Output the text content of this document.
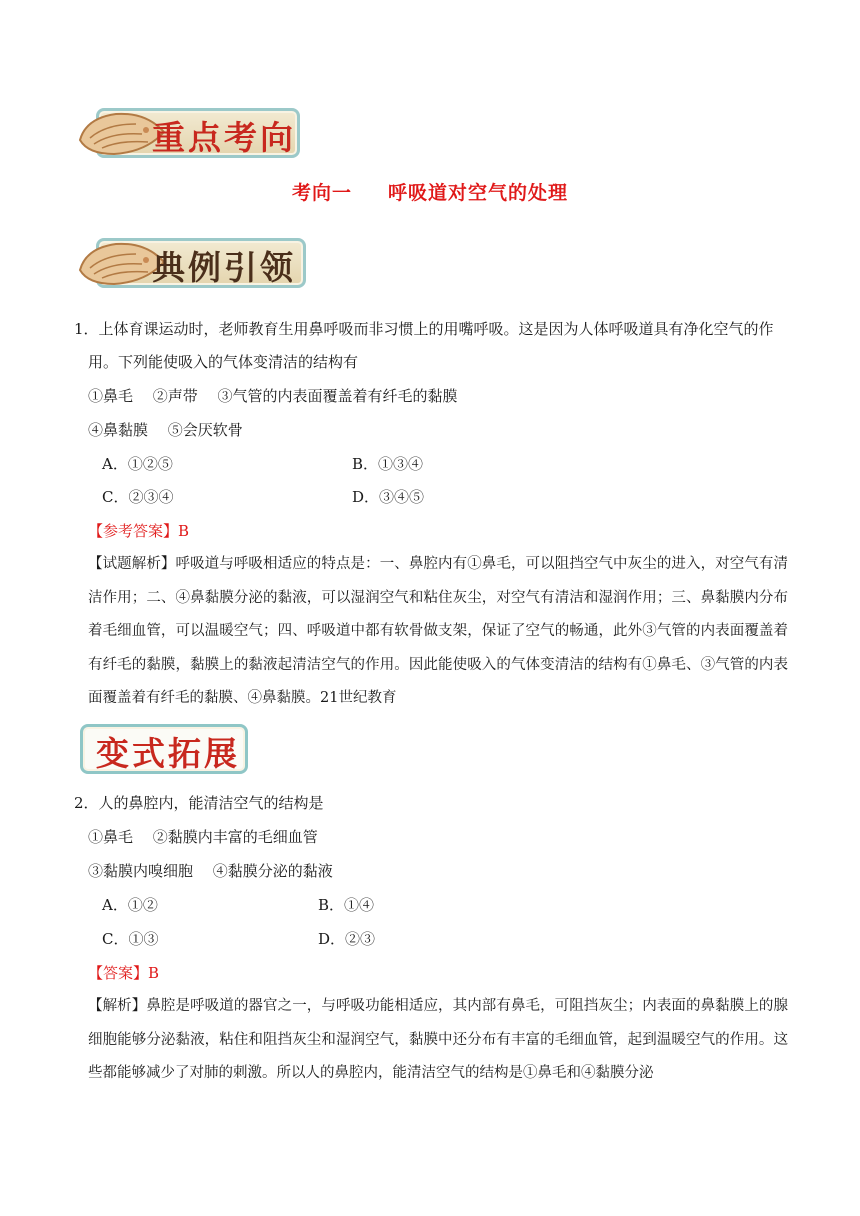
重点考向
考向一 呼吸道对空气的处理
典例引领
1．上体育课运动时，老师教育生用鼻呼吸而非习惯上的用嘴呼吸。这是因为人体呼吸道具有净化空气的作
用。下列能使吸入的气体变清洁的结构有
①鼻毛　 ②声带　 ③气管的内表面覆盖着有纤毛的黏膜
④鼻黏膜　 ⑤会厌软骨
A．①②⑤	B．①③④
C．②③④	D．③④⑤
【参考答案】B
【试题解析】呼吸道与呼吸相适应的特点是：一、鼻腔内有①鼻毛，可以阻挡空气中灰尘的进入，对空气有清洁作用；二、④鼻黏膜分泌的黏液，可以湿润空气和粘住灰尘，对空气有清洁和湿润作用；三、鼻黏膜内分布着毛细血管，可以温暖空气；四、呼吸道中都有软骨做支架，保证了空气的畅通，此外③气管的内表面覆盖着有纤毛的黏膜，黏膜上的黏液起清洁空气的作用。因此能使吸入的气体变清洁的结构有①鼻毛、③气管的内表面覆盖着有纤毛的黏膜、④鼻黏膜。21世纪教育
变式拓展
2．人的鼻腔内，能清洁空气的结构是
①鼻毛　 ②黏膜内丰富的毛细血管
③黏膜内嗅细胞　 ④黏膜分泌的黏液
A．①②	B．①④
C．①③	D．②③
【答案】B
【解析】鼻腔是呼吸道的器官之一，与呼吸功能相适应，其内部有鼻毛，可阻挡灰尘；内表面的鼻黏膜上的腺细胞能够分泌黏液，粘住和阻挡灰尘和湿润空气，黏膜中还分布有丰富的毛细血管，起到温暖空气的作用。这些都能够减少了对肺的刺激。所以人的鼻腔内，能清洁空气的结构是①鼻毛和④黏膜分泌
